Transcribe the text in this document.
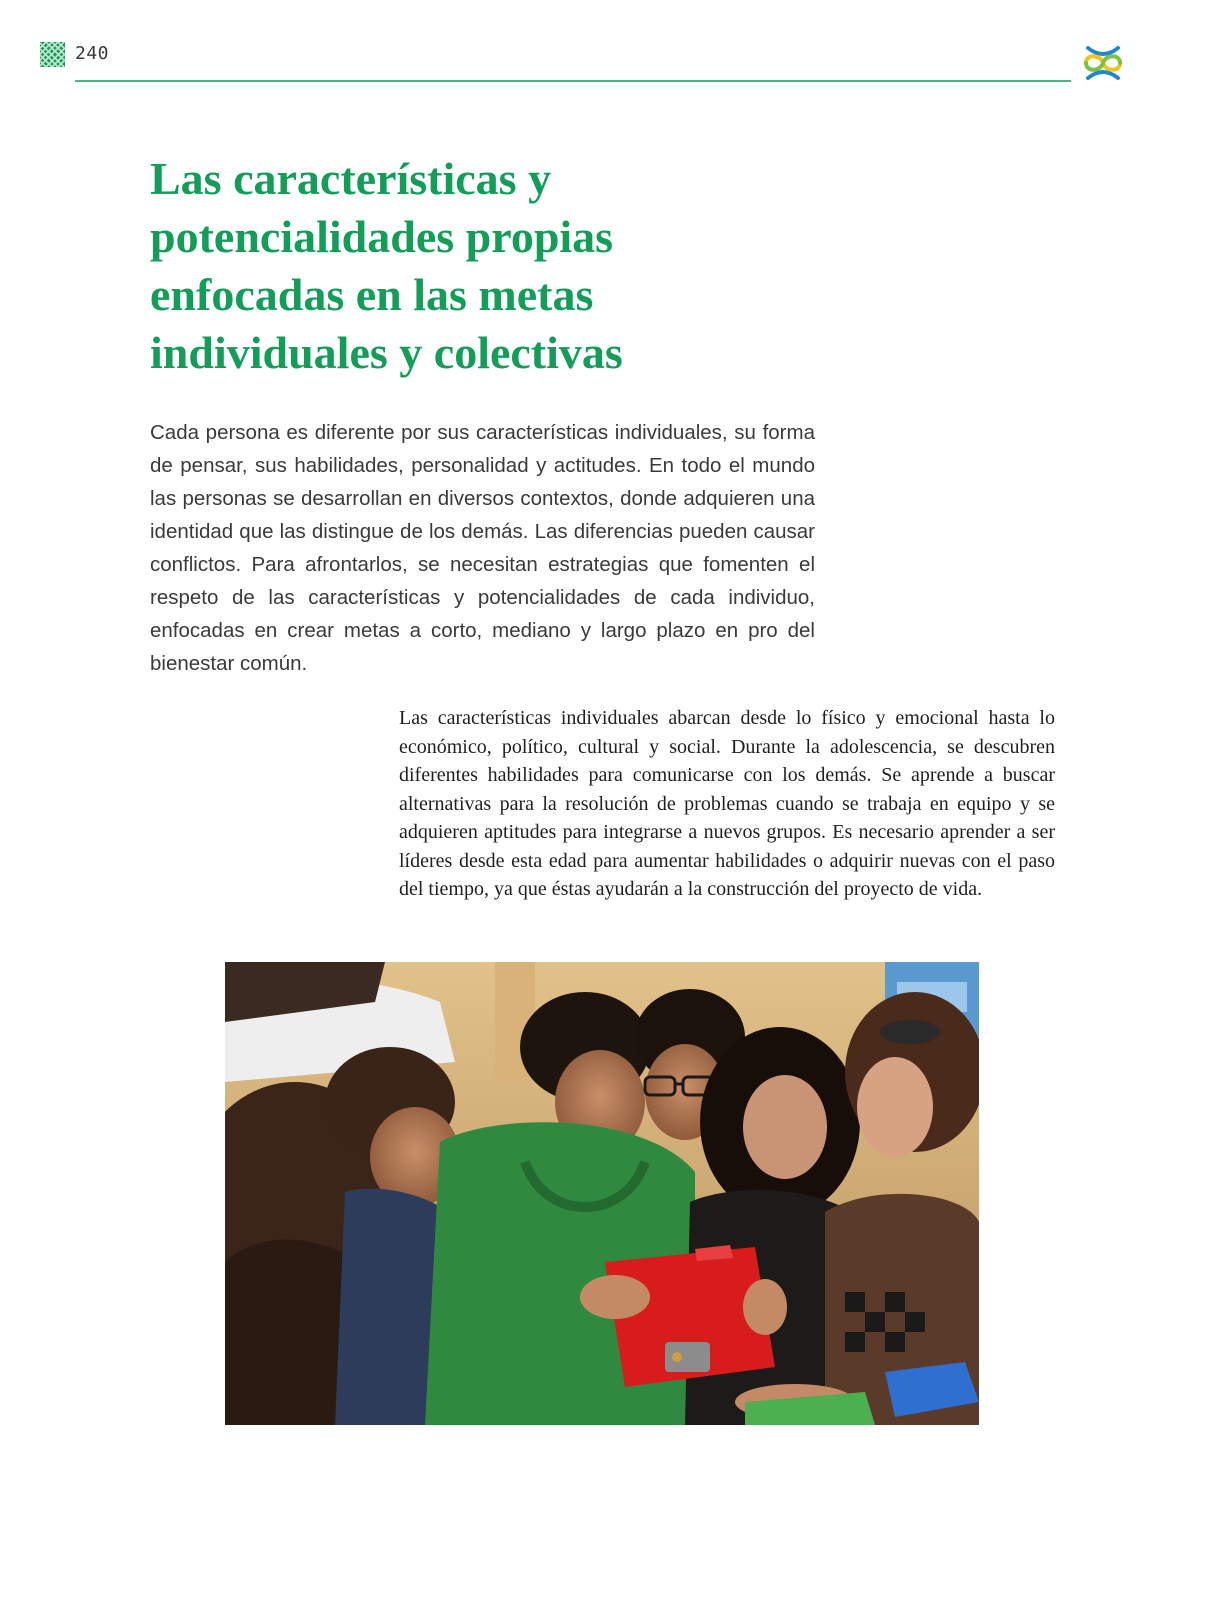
240
Las características y
potencialidades propias
enfocadas en las metas
individuales y colectivas

Cada persona es diferente por sus características individuales, su forma de pensar, sus habilidades, personalidad y actitudes. En todo el mundo las personas se desarrollan en diversos contextos, donde adquieren una identidad que las distingue de los demás. Las diferencias pueden causar conflictos. Para afrontarlos, se necesitan estrategias que fomenten el respeto de las características y potencialidades de cada individuo, enfocadas en crear metas a corto, mediano y largo plazo en pro del bienestar común.

Las características individuales abarcan desde lo físico y emocional hasta lo económico, político, cultural y social. Durante la adolescencia, se descubren diferentes habilidades para comunicarse con los demás. Se aprende a buscar alternativas para la resolución de problemas cuando se trabaja en equipo y se adquieren aptitudes para integrarse a nuevos grupos. Es necesario aprender a ser líderes desde esta edad para aumentar habilidades o adquirir nuevas con el paso del tiempo, ya que éstas ayudarán a la construcción del proyecto de vida.
